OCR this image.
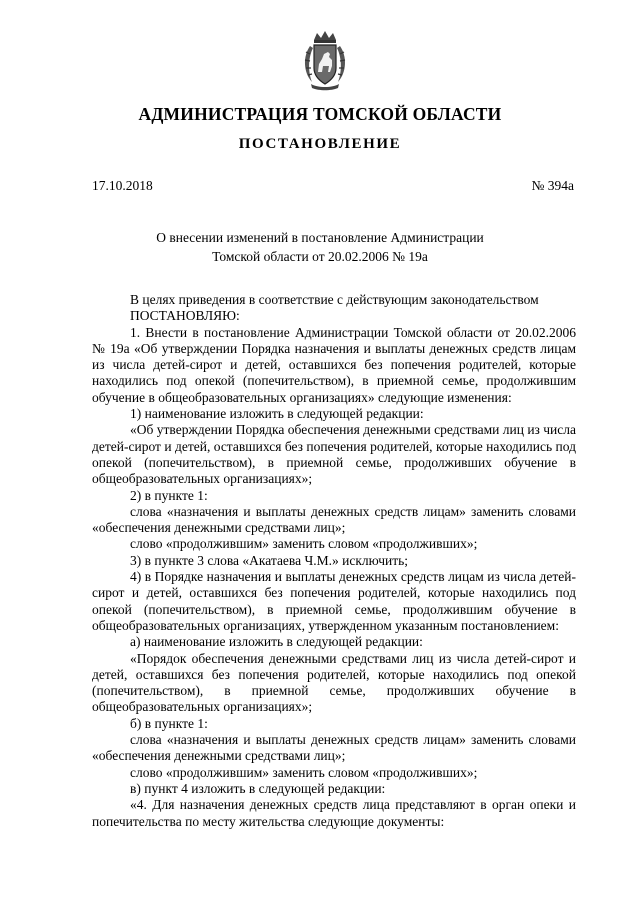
АДМИНИСТРАЦИЯ ТОМСКОЙ ОБЛАСТИ
ПОСТАНОВЛЕНИЕ
17.10.2018	№ 394а
О внесении изменений в постановление Администрации
Томской области от 20.02.2006 № 19а

В целях приведения в соответствие с действующим законодательством

ПОСТАНОВЛЯЮ:

1. Внести в постановление Администрации Томской области от 20.02.2006 № 19а «Об утверждении Порядка назначения и выплаты денежных средств лицам из числа детей-сирот и детей, оставшихся без попечения родителей, которые находились под опекой (попечительством), в приемной семье, продолжившим обучение в общеобразовательных организациях» следующие изменения:

1) наименование изложить в следующей редакции:

«Об утверждении Порядка обеспечения денежными средствами лиц из числа детей-сирот и детей, оставшихся без попечения родителей, которые находились под опекой (попечительством), в приемной семье, продолживших обучение в общеобразовательных организациях»;

2) в пункте 1:

слова «назначения и выплаты денежных средств лицам» заменить словами «обеспечения денежными средствами лиц»;

слово «продолжившим» заменить словом «продолживших»;

3) в пункте 3 слова «Акатаева Ч.М.» исключить;

4) в Порядке назначения и выплаты денежных средств лицам из числа детей-сирот и детей, оставшихся без попечения родителей, которые находились под опекой (попечительством), в приемной семье, продолжившим обучение в общеобразовательных организациях, утвержденном указанным постановлением:

а) наименование изложить в следующей редакции:

«Порядок обеспечения денежными средствами лиц из числа детей-сирот и детей, оставшихся без попечения родителей, которые находились под опекой (попечительством), в приемной семье, продолживших обучение в общеобразовательных организациях»;

б) в пункте 1:

слова «назначения и выплаты денежных средств лицам» заменить словами «обеспечения денежными средствами лиц»;

слово «продолжившим» заменить словом «продолживших»;

в) пункт 4 изложить в следующей редакции:

«4. Для назначения денежных средств лица представляют в орган опеки и попечительства по месту жительства следующие документы:
